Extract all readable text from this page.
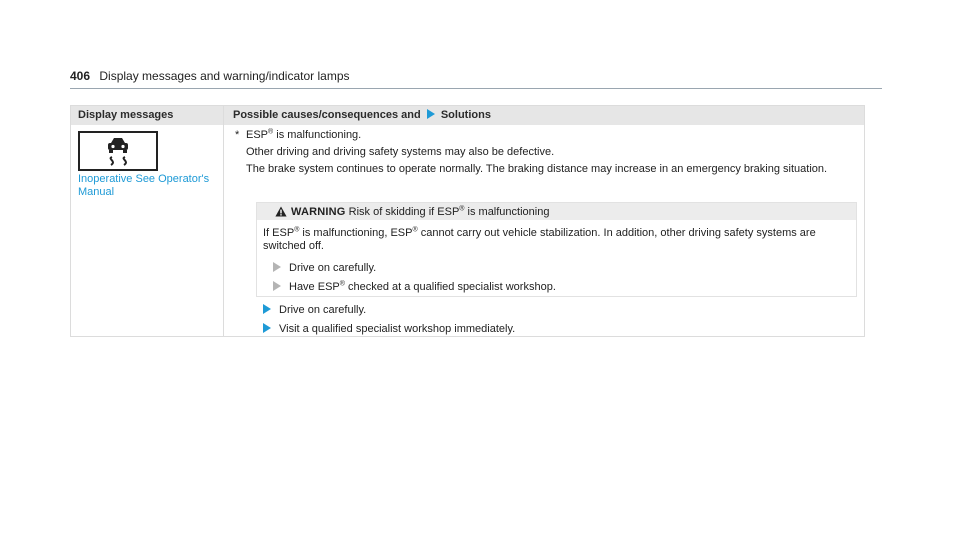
406 Display messages and warning/indicator lamps
Display messages	Possible causes/consequences and Solutions
Inoperative See Operator's Manual

* ESP® is malfunctioning.

Other driving and driving safety systems may also be defective.

The brake system continues to operate normally. The braking distance may increase in an emergency braking situation.

WARNING Risk of skidding if ESP® is malfunctioning
If ESP® is malfunctioning, ESP® cannot carry out vehicle stabilization. In addition, other driving safety systems are switched off.
Drive on carefully.
Have ESP® checked at a qualified specialist workshop.
Drive on carefully.
Visit a qualified specialist workshop immediately.
